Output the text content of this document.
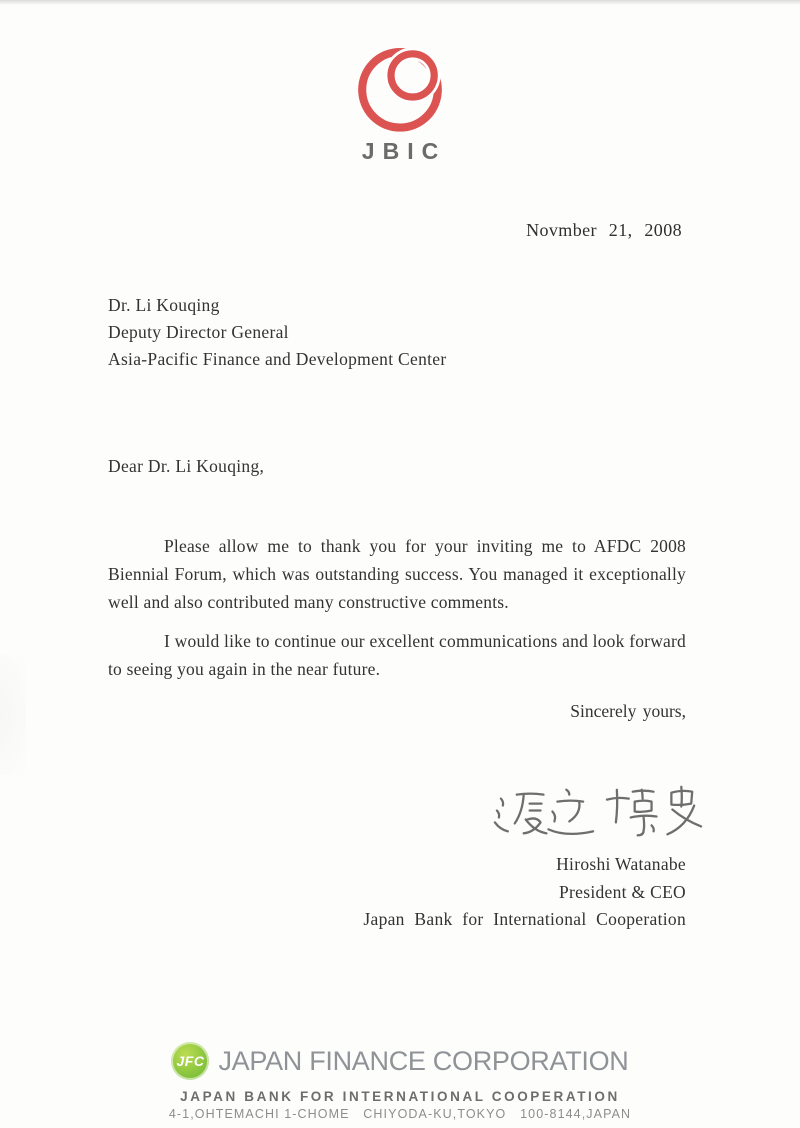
JBIC
Novmber 21, 2008
Dr. Li Kouqing
Deputy Director General
Asia-Pacific Finance and Development Center
Dear Dr. Li Kouqing,

Please allow me to thank you for your inviting me to AFDC 2008 Biennial Forum, which was outstanding success. You managed it exceptionally well and also contributed many constructive comments.

I would like to continue our excellent communications and look forward to seeing you again in the near future.

Sincerely yours,
Hiroshi Watanabe
President & CEO
Japan Bank for International Cooperation
JFC JAPAN FINANCE CORPORATION
JAPAN BANK FOR INTERNATIONAL COOPERATION
4-1,OHTEMACHI 1-CHOME   CHIYODA-KU,TOKYO   100-8144,JAPAN
